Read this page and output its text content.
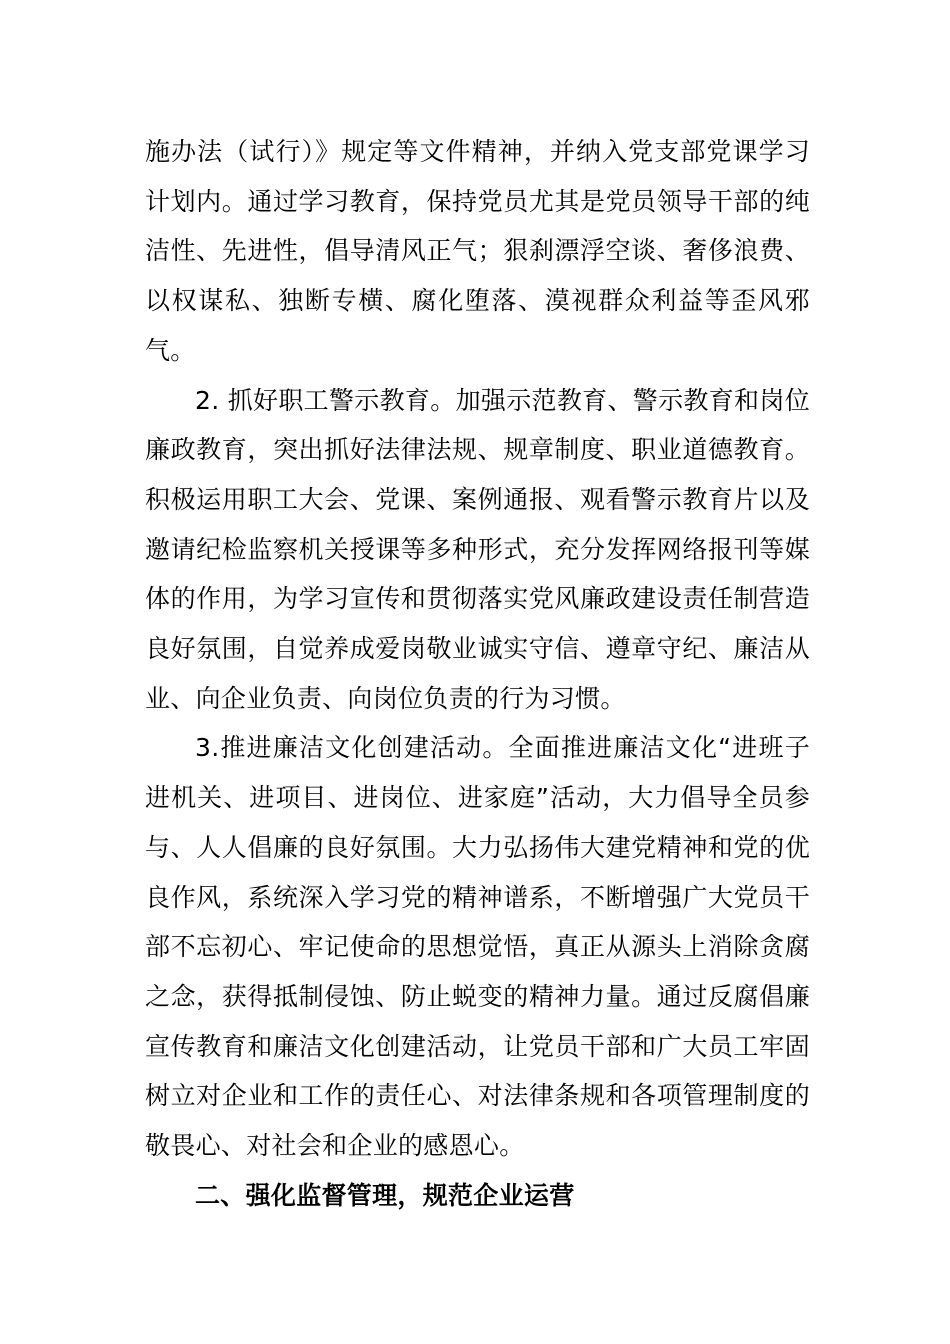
施办法（试行）》规定等文件精神，并纳入党支部党课学习计划内。通过学习教育，保持党员尤其是党员领导干部的纯洁性、先进性，倡导清风正气；狠刹漂浮空谈、奢侈浪费、以权谋私、独断专横、腐化堕落、漠视群众利益等歪风邪气。

2. 抓好职工警示教育。加强示范教育、警示教育和岗位廉政教育，突出抓好法律法规、规章制度、职业道德教育。积极运用职工大会、党课、案例通报、观看警示教育片以及邀请纪检监察机关授课等多种形式，充分发挥网络报刊等媒体的作用，为学习宣传和贯彻落实党风廉政建设责任制营造良好氛围，自觉养成爱岗敬业诚实守信、遵章守纪、廉洁从业、向企业负责、向岗位负责的行为习惯。

3.推进廉洁文化创建活动。全面推进廉洁文化“进班子进机关、进项目、进岗位、进家庭”活动，大力倡导全员参与、人人倡廉的良好氛围。大力弘扬伟大建党精神和党的优良作风，系统深入学习党的精神谱系，不断增强广大党员干部不忘初心、牢记使命的思想觉悟，真正从源头上消除贪腐之念，获得抵制侵蚀、防止蜕变的精神力量。通过反腐倡廉宣传教育和廉洁文化创建活动，让党员干部和广大员工牢固树立对企业和工作的责任心、对法律条规和各项管理制度的敬畏心、对社会和企业的感恩心。

二、强化监督管理，规范企业运营
